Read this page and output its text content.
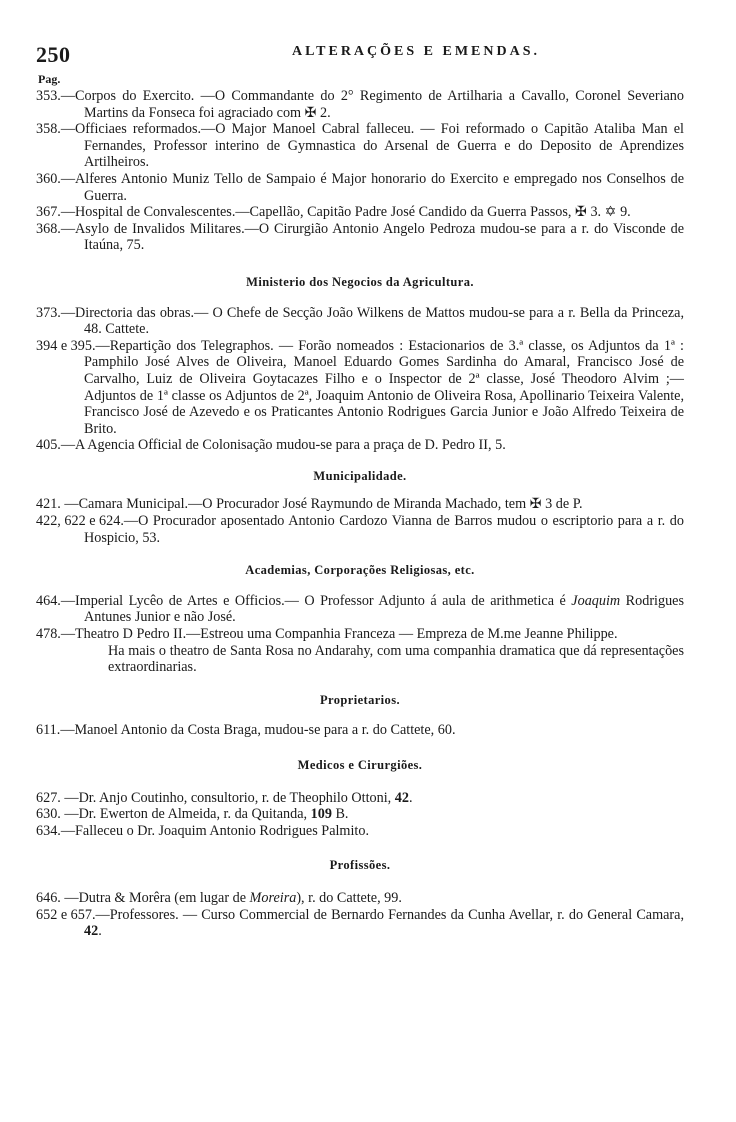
250	ALTERAÇÕES E EMENDAS.
Pag.

353.—Corpos do Exercito. —O Commandante do 2° Regimento de Artilharia a Cavallo, Coronel Severiano Martins da Fonseca foi agraciado com ✠ 2.

358.—Officiaes reformados.—O Major Manoel Cabral falleceu. — Foi reformado o Capitão Ataliba Man el Fernandes, Professor interino de Gymnastica do Arsenal de Guerra e do Deposito de Aprendizes Artilheiros.

360.—Alferes Antonio Muniz Tello de Sampaio é Major honorario do Exercito e empregado nos Conselhos de Guerra.

367.—Hospital de Convalescentes.—Capellão, Capitão Padre José Candido da Guerra Passos, ✠ 3. ✡ 9.

368.—Asylo de Invalidos Militares.—O Cirurgião Antonio Angelo Pedroza mudou-se para a r. do Visconde de Itaúna, 75.

Ministerio dos Negocios da Agricultura.

373.—Directoria das obras.— O Chefe de Secção João Wilkens de Mattos mudou-se para a r. Bella da Princeza, 48. Cattete.

394 e 395.—Repartição dos Telegraphos. — Forão nomeados : Estacionarios de 3.ª classe, os Adjuntos da 1ª : Pamphilo José Alves de Oliveira, Manoel Eduardo Gomes Sardinha do Amaral, Francisco José de Carvalho, Luiz de Oliveira Goytacazes Filho e o Inspector de 2ª classe, José Theodoro Alvim ;—Adjuntos de 1ª classe os Adjuntos de 2ª, Joaquim Antonio de Oliveira Rosa, Apollinario Teixeira Valente, Francisco José de Azevedo e os Praticantes Antonio Rodrigues Garcia Junior e João Alfredo Teixeira de Brito.

405.—A Agencia Official de Colonisação mudou-se para a praça de D. Pedro II, 5.

Municipalidade.

421. —Camara Municipal.—O Procurador José Raymundo de Miranda Machado, tem ✠ 3 de P.

422, 622 e 624.—O Procurador aposentado Antonio Cardozo Vianna de Barros mudou o escriptorio para a r. do Hospicio, 53.

Academias, Corporações Religiosas, etc.

464.—Imperial Lycêo de Artes e Officios.— O Professor Adjunto á aula de arithmetica é Joaquim Rodrigues Antunes Junior e não José.

478.—Theatro D Pedro II.—Estreou uma Companhia Franceza — Empreza de M.me Jeanne Philippe.

Ha mais o theatro de Santa Rosa no Andarahy, com uma companhia dramatica que dá representações extraordinarias.

Proprietarios.

611.—Manoel Antonio da Costa Braga, mudou-se para a r. do Cattete, 60.

Medicos e Cirurgiões.

627. —Dr. Anjo Coutinho, consultorio, r. de Theophilo Ottoni, 42.

630. —Dr. Ewerton de Almeida, r. da Quitanda, 109 B.

634.—Falleceu o Dr. Joaquim Antonio Rodrigues Palmito.

Profissões.

646. —Dutra & Morêra (em lugar de Moreira), r. do Cattete, 99.

652 e 657.—Professores. — Curso Commercial de Bernardo Fernandes da Cunha Avellar, r. do General Camara, 42.
